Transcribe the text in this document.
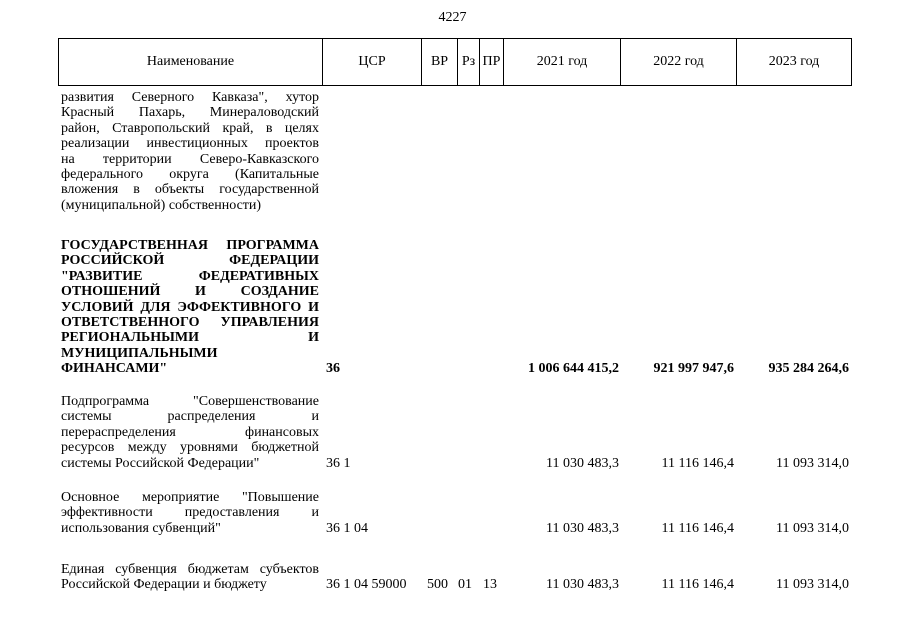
4227
Наименование	ЦСР	ВР Рз ПР	2021 год	2022 год	2023 год
развития Северного Кавказа", хутор
Красный Пахарь, Минераловодский
район, Ставропольский край, в целях
реализации инвестиционных проектов
на территории Северо-Кавказского
федерального округа (Капитальные
вложения в объекты государственной
(муниципальной) собственности)
ГОСУДАРСТВЕННАЯ ПРОГРАММА
РОССИЙСКОЙ ФЕДЕРАЦИИ
"РАЗВИТИЕ ФЕДЕРАТИВНЫХ
ОТНОШЕНИЙ И СОЗДАНИЕ
УСЛОВИЙ ДЛЯ ЭФФЕКТИВНОГО И
ОТВЕТСТВЕННОГО УПРАВЛЕНИЯ
РЕГИОНАЛЬНЫМИ И
МУНИЦИПАЛЬНЫМИ
ФИНАНСАМИ"	36	1 006 644 415,2	921 997 947,6	935 284 264,6
Подпрограмма "Совершенствование
системы распределения и
перераспределения финансовых
ресурсов между уровнями бюджетной
системы Российской Федерации"	36 1	11 030 483,3	11 116 146,4	11 093 314,0
Основное мероприятие "Повышение
эффективности предоставления и
использования субвенций"	36 1 04	11 030 483,3	11 116 146,4	11 093 314,0
Единая субвенция бюджетам субъектов
Российской Федерации и бюджету	36 1 04 59000	500 01 13	11 030 483,3	11 116 146,4	11 093 314,0
